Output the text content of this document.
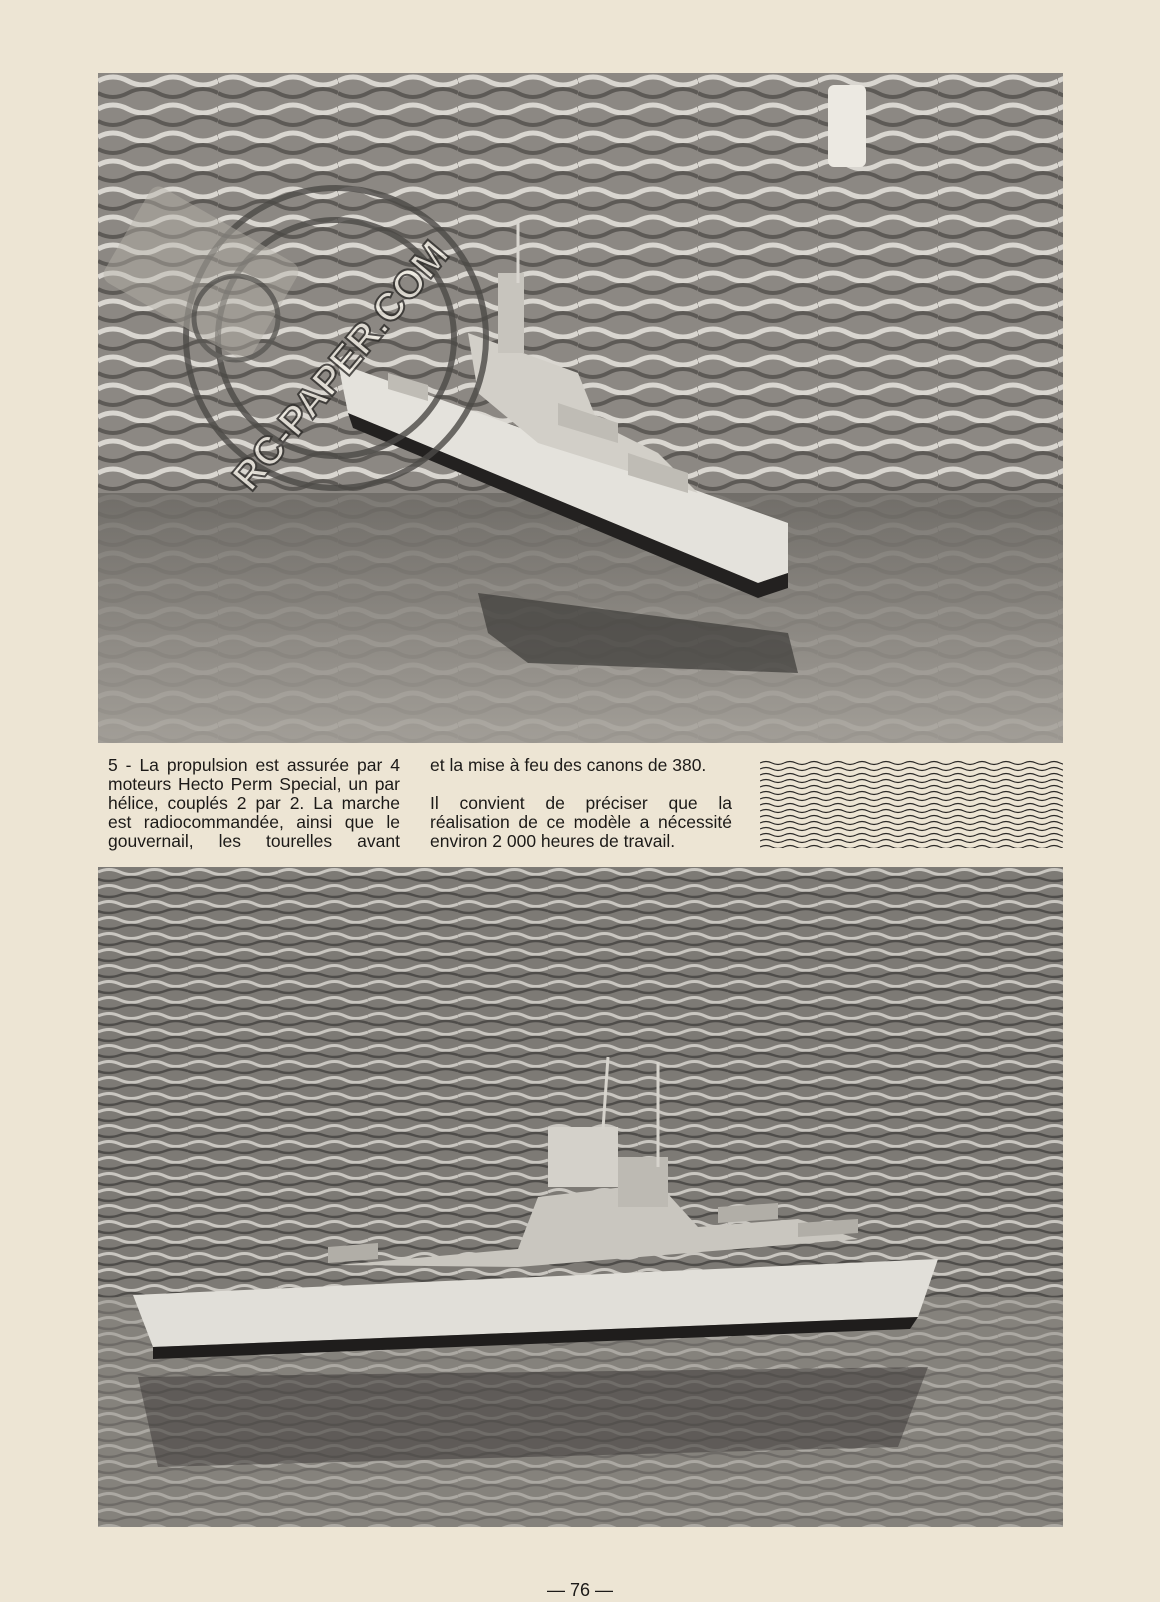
RC-PAPER.COM
5 - La propulsion est assurée par 4 moteurs Hecto Perm Special, un par hélice, couplés 2 par 2. La marche est radiocommandée, ainsi que le gouvernail, les tourelles avant

et la mise à feu des canons de 380.

Il convient de préciser que la réalisation de ce modèle a nécessité environ 2 000 heures de travail.

— 76 —
